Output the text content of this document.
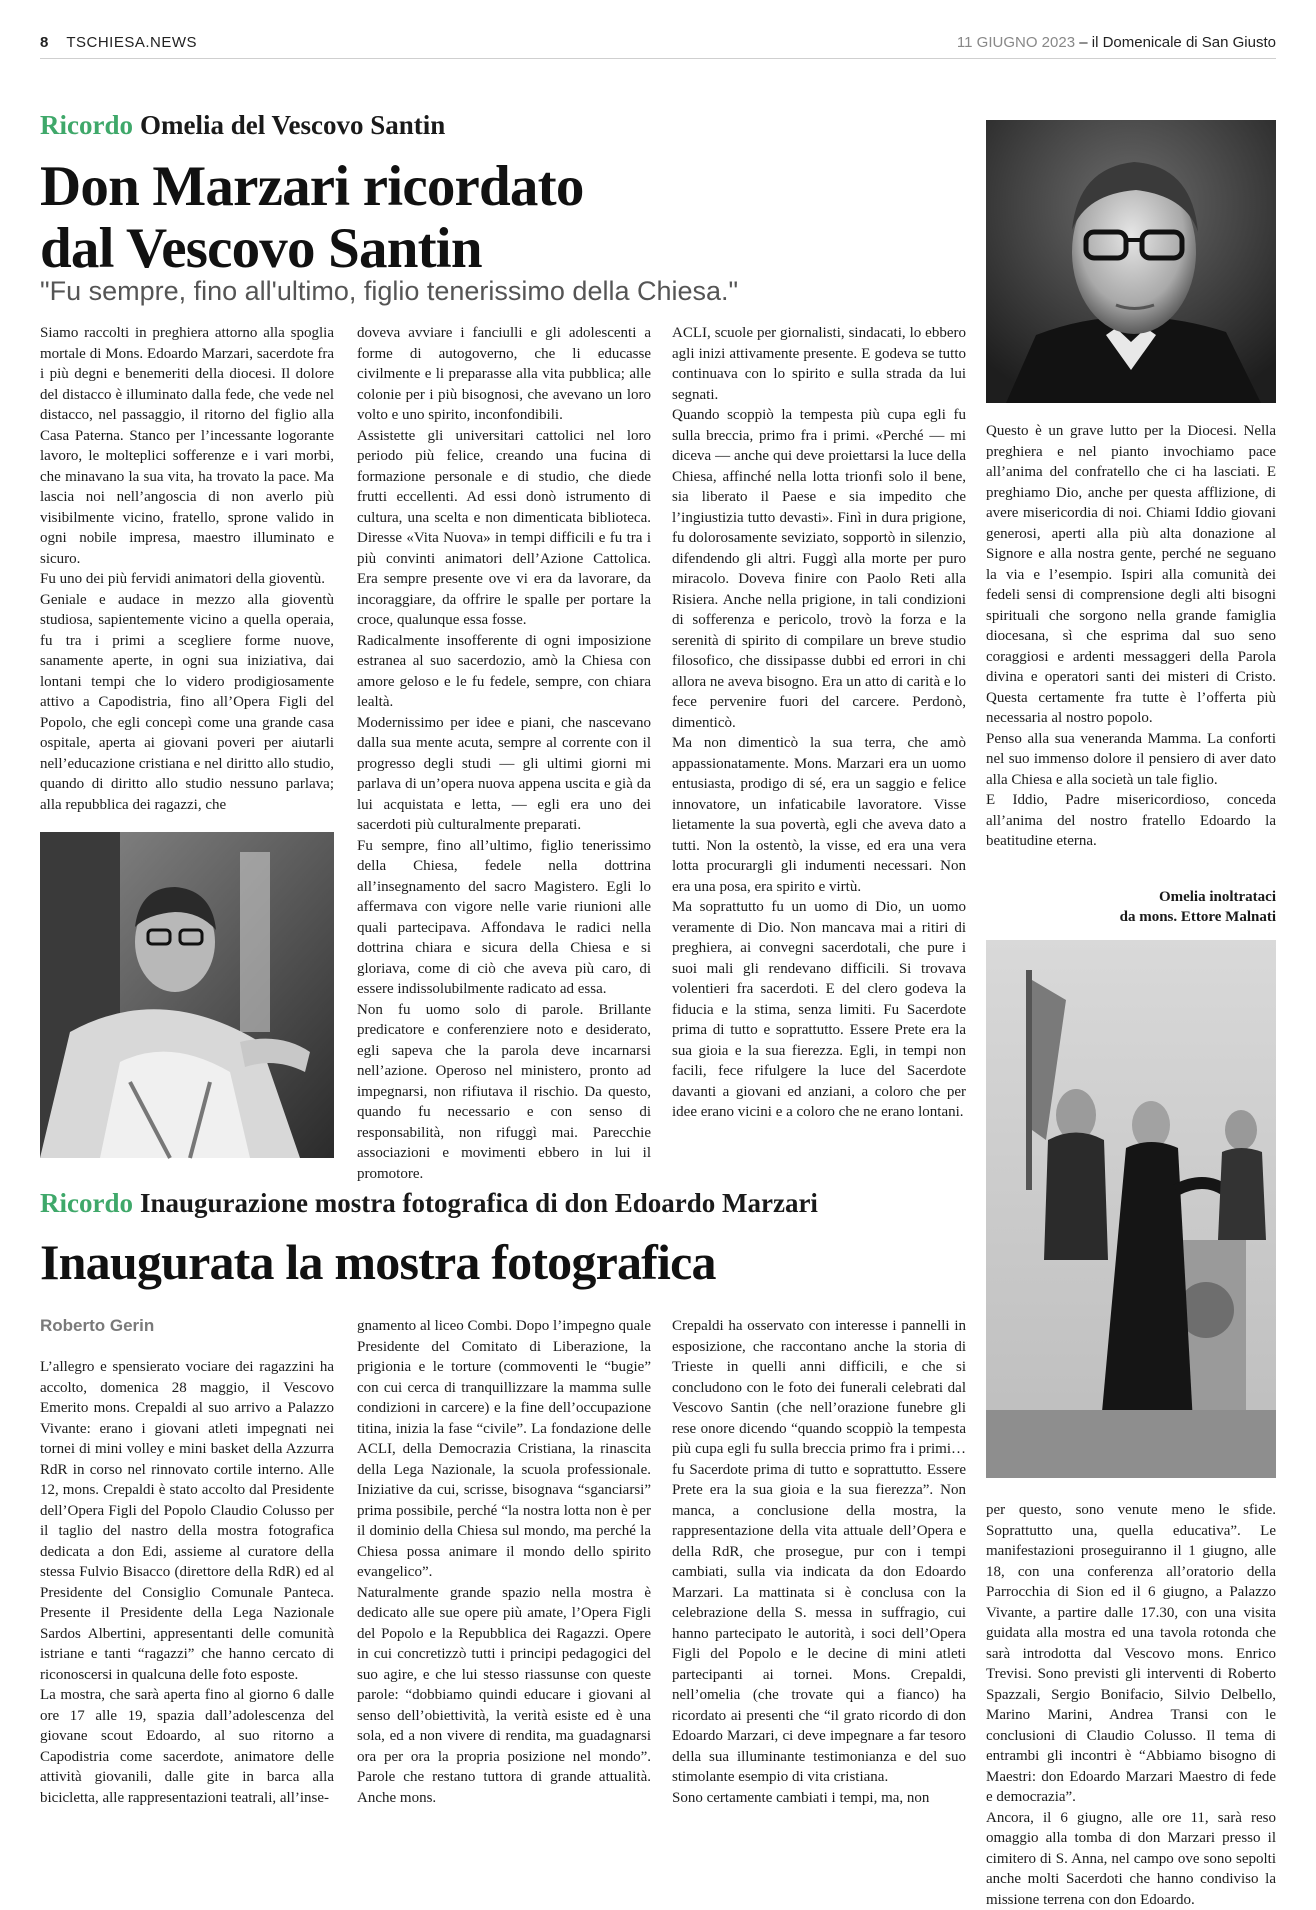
8 TSCHIESA.NEWS	11 GIUGNO 2023 – il Domenicale di San Giusto
Ricordo Omelia del Vescovo Santin
Don Marzari ricordato
dal Vescovo Santin
"Fu sempre, fino all'ultimo, figlio tenerissimo della Chiesa."

Siamo raccolti in preghiera attorno alla spoglia mortale di Mons. Edoardo Marzari, sacerdote fra i più degni e benemeriti della diocesi. Il dolore del distacco è illuminato dalla fede, che vede nel distacco, nel passaggio, il ritorno del figlio alla Casa Paterna. Stanco per l’incessante logorante lavoro, le molteplici sofferenze e i vari morbi, che minavano la sua vita, ha trovato la pace. Ma lascia noi nell’angoscia di non averlo più visibilmente vicino, fratello, sprone valido in ogni nobile impresa, maestro illuminato e sicuro.

Fu uno dei più fervidi animatori della gioventù.

Geniale e audace in mezzo alla gioventù studiosa, sapientemente vicino a quella operaia, fu tra i primi a scegliere forme nuove, sanamente aperte, in ogni sua iniziativa, dai lontani tempi che lo videro prodigiosamente attivo a Capodistria, fino all’Opera Figli del Popolo, che egli concepì come una grande casa ospitale, aperta ai giovani poveri per aiutarli nell’educazione cristiana e nel diritto allo studio, quando di diritto allo studio nessuno parlava; alla repubblica dei ragazzi, che

doveva avviare i fanciulli e gli adolescenti a forme di autogoverno, che li educasse civilmente e li preparasse alla vita pubblica; alle colonie per i più bisognosi, che avevano un loro volto e uno spirito, inconfondibili.

Assistette gli universitari cattolici nel loro periodo più felice, creando una fucina di formazione personale e di studio, che diede frutti eccellenti. Ad essi donò istrumento di cultura, una scelta e non dimenticata biblioteca. Diresse «Vita Nuova» in tempi difficili e fu tra i più convinti animatori dell’Azione Cattolica. Era sempre presente ove vi era da lavorare, da incoraggiare, da offrire le spalle per portare la croce, qualunque essa fosse.

Radicalmente insofferente di ogni imposizione estranea al suo sacerdozio, amò la Chiesa con amore geloso e le fu fedele, sempre, con chiara lealtà.

Modernissimo per idee e piani, che nascevano dalla sua mente acuta, sempre al corrente con il progresso degli studi — gli ultimi giorni mi parlava di un’opera nuova appena uscita e già da lui acquistata e letta, — egli era uno dei sacerdoti più culturalmente preparati.

Fu sempre, fino all’ultimo, figlio tenerissimo della Chiesa, fedele nella dottrina all’insegnamento del sacro Magistero. Egli lo affermava con vigore nelle varie riunioni alle quali partecipava. Affondava le radici nella dottrina chiara e sicura della Chiesa e si gloriava, come di ciò che aveva più caro, di essere indissolubilmente radicato ad essa.

Non fu uomo solo di parole. Brillante predicatore e conferenziere noto e desiderato, egli sapeva che la parola deve incarnarsi nell’azione. Operoso nel ministero, pronto ad impegnarsi, non rifiutava il rischio. Da questo, quando fu necessario e con senso di responsabilità, non rifuggì mai. Parecchie associazioni e movimenti ebbero in lui il promotore.

ACLI, scuole per giornalisti, sindacati, lo ebbero agli inizi attivamente presente. E godeva se tutto continuava con lo spirito e sulla strada da lui segnati.

Quando scoppiò la tempesta più cupa egli fu sulla breccia, primo fra i primi. «Perché — mi diceva — anche qui deve proiettarsi la luce della Chiesa, affinché nella lotta trionfi solo il bene, sia liberato il Paese e sia impedito che l’ingiustizia tutto devasti». Finì in dura prigione, fu dolorosamente seviziato, sopportò in silenzio, difendendo gli altri. Fuggì alla morte per puro miracolo. Doveva finire con Paolo Reti alla Risiera. Anche nella prigione, in tali condizioni di sofferenza e pericolo, trovò la forza e la serenità di spirito di compilare un breve studio filosofico, che dissipasse dubbi ed errori in chi allora ne aveva bisogno. Era un atto di carità e lo fece pervenire fuori del carcere. Perdonò, dimenticò.

Ma non dimenticò la sua terra, che amò appassionatamente. Mons. Marzari era un uomo entusiasta, prodigo di sé, era un saggio e felice innovatore, un infaticabile lavoratore. Visse lietamente la sua povertà, egli che aveva dato a tutti. Non la ostentò, la visse, ed era una vera lotta procurargli gli indumenti necessari. Non era una posa, era spirito e virtù.

Ma soprattutto fu un uomo di Dio, un uomo veramente di Dio. Non mancava mai a ritiri di preghiera, ai convegni sacerdotali, che pure i suoi mali gli rendevano difficili. Si trovava volentieri fra sacerdoti. E del clero godeva la fiducia e la stima, senza limiti. Fu Sacerdote prima di tutto e soprattutto. Essere Prete era la sua gioia e la sua fierezza. Egli, in tempi non facili, fece rifulgere la luce del Sacerdote davanti a giovani ed anziani, a coloro che per idee erano vicini e a coloro che ne erano lontani.

Questo è un grave lutto per la Diocesi. Nella preghiera e nel pianto invochiamo pace all’anima del confratello che ci ha lasciati. E preghiamo Dio, anche per questa afflizione, di avere misericordia di noi. Chiami Iddio giovani generosi, aperti alla più alta donazione al Signore e alla nostra gente, perché ne seguano la via e l’esempio. Ispiri alla comunità dei fedeli sensi di comprensione degli alti bisogni spirituali che sorgono nella grande famiglia diocesana, sì che esprima dal suo seno coraggiosi e ardenti messaggeri della Parola divina e operatori santi dei misteri di Cristo. Questa certamente fra tutte è l’offerta più necessaria al nostro popolo.

Penso alla sua veneranda Mamma. La conforti nel suo immenso dolore il pensiero di aver dato alla Chiesa e alla società un tale figlio.

E Iddio, Padre misericordioso, conceda all’anima del nostro fratello Edoardo la beatitudine eterna.

Omelia inoltrataci
da mons. Ettore Malnati
Ricordo Inaugurazione mostra fotografica di don Edoardo Marzari
Inaugurata la mostra fotografica
Roberto Gerin

L’allegro e spensierato vociare dei ragazzini ha accolto, domenica 28 maggio, il Vescovo Emerito mons. Crepaldi al suo arrivo a Palazzo Vivante: erano i giovani atleti impegnati nei tornei di mini volley e mini basket della Azzurra RdR in corso nel rinnovato cortile interno. Alle 12, mons. Crepaldi è stato accolto dal Presidente dell’Opera Figli del Popolo Claudio Colusso per il taglio del nastro della mostra fotografica dedicata a don Edi, assieme al curatore della stessa Fulvio Bisacco (direttore della RdR) ed al Presidente del Consiglio Comunale Panteca. Presente il Presidente della Lega Nazionale Sardos Albertini, appresentanti delle comunità istriane e tanti “ragazzi” che hanno cercato di riconoscersi in qualcuna delle foto esposte.

La mostra, che sarà aperta fino al giorno 6 dalle ore 17 alle 19, spazia dall’adolescenza del giovane scout Edoardo, al suo ritorno a Capodistria come sacerdote, animatore delle attività giovanili, dalle gite in barca alla bicicletta, alle rappresentazioni teatrali, all’inse-

gnamento al liceo Combi. Dopo l’impegno quale Presidente del Comitato di Liberazione, la prigionia e le torture (commoventi le “bugie” con cui cerca di tranquillizzare la mamma sulle condizioni in carcere) e la fine dell’occupazione titina, inizia la fase “civile”. La fondazione delle ACLI, della Democrazia Cristiana, la rinascita della Lega Nazionale, la scuola professionale. Iniziative da cui, scrisse, bisognava “sganciarsi” prima possibile, perché “la nostra lotta non è per il dominio della Chiesa sul mondo, ma perché la Chiesa possa animare il mondo dello spirito evangelico”.

Naturalmente grande spazio nella mostra è dedicato alle sue opere più amate, l’Opera Figli del Popolo e la Repubblica dei Ragazzi. Opere in cui concretizzò tutti i principi pedagogici del suo agire, e che lui stesso riassunse con queste parole: “dobbiamo quindi educare i giovani al senso dell’obiettività, la verità esiste ed è una sola, ed a non vivere di rendita, ma guadagnarsi ora per ora la propria posizione nel mondo”. Parole che restano tuttora di grande attualità. Anche mons.

Crepaldi ha osservato con interesse i pannelli in esposizione, che raccontano anche la storia di Trieste in quelli anni difficili, e che si concludono con le foto dei funerali celebrati dal Vescovo Santin (che nell’orazione funebre gli rese onore dicendo “quando scoppiò la tempesta più cupa egli fu sulla breccia primo fra i primi… fu Sacerdote prima di tutto e soprattutto. Essere Prete era la sua gioia e la sua fierezza”. Non manca, a conclusione della mostra, la rappresentazione della vita attuale dell’Opera e della RdR, che prosegue, pur con i tempi cambiati, sulla via indicata da don Edoardo Marzari. La mattinata si è conclusa con la celebrazione della S. messa in suffragio, cui hanno partecipato le autorità, i soci dell’Opera Figli del Popolo e le decine di mini atleti partecipanti ai tornei. Mons. Crepaldi, nell’omelia (che trovate qui a fianco) ha ricordato ai presenti che “il grato ricordo di don Edoardo Marzari, ci deve impegnare a far tesoro della sua illuminante testimonianza e del suo stimolante esempio di vita cristiana.

Sono certamente cambiati i tempi, ma, non

per questo, sono venute meno le sfide. Soprattutto una, quella educativa”. Le manifestazioni proseguiranno il 1 giugno, alle 18, con una conferenza all’oratorio della Parrocchia di Sion ed il 6 giugno, a Palazzo Vivante, a partire dalle 17.30, con una visita guidata alla mostra ed una tavola rotonda che sarà introdotta dal Vescovo mons. Enrico Trevisi. Sono previsti gli interventi di Roberto Spazzali, Sergio Bonifacio, Silvio Delbello, Marino Marini, Andrea Transi con le conclusioni di Claudio Colusso. Il tema di entrambi gli incontri è “Abbiamo bisogno di Maestri: don Edoardo Marzari Maestro di fede e democrazia”.

Ancora, il 6 giugno, alle ore 11, sarà reso omaggio alla tomba di don Marzari presso il cimitero di S. Anna, nel campo ove sono sepolti anche molti Sacerdoti che hanno condiviso la missione terrena con don Edoardo.
